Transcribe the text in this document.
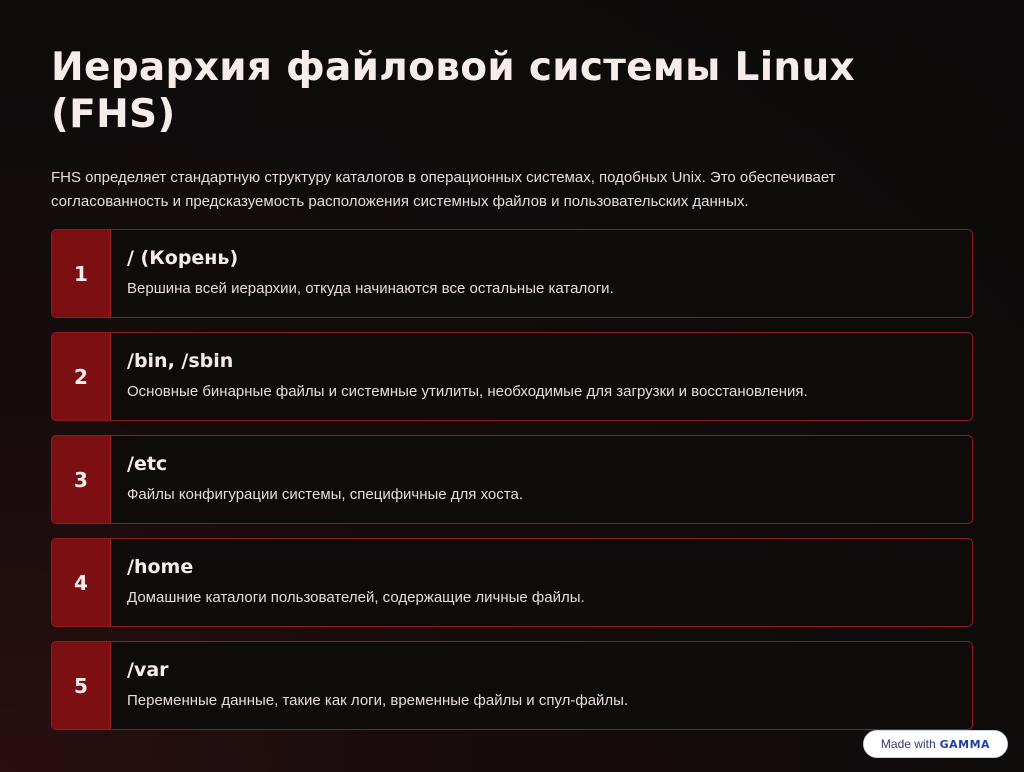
Иерархия файловой системы Linux (FHS)

FHS определяет стандартную структуру каталогов в операционных системах, подобных Unix. Это обеспечивает согласованность и предсказуемость расположения системных файлов и пользовательских данных.

1
/ (Корень)
Вершина всей иерархии, откуда начинаются все остальные каталоги.
2
/bin, /sbin
Основные бинарные файлы и системные утилиты, необходимые для загрузки и восстановления.
3
/etc
Файлы конфигурации системы, специфичные для хоста.
4
/home
Домашние каталоги пользователей, содержащие личные файлы.
5
/var
Переменные данные, такие как логи, временные файлы и спул-файлы.
Made with GAMMA
